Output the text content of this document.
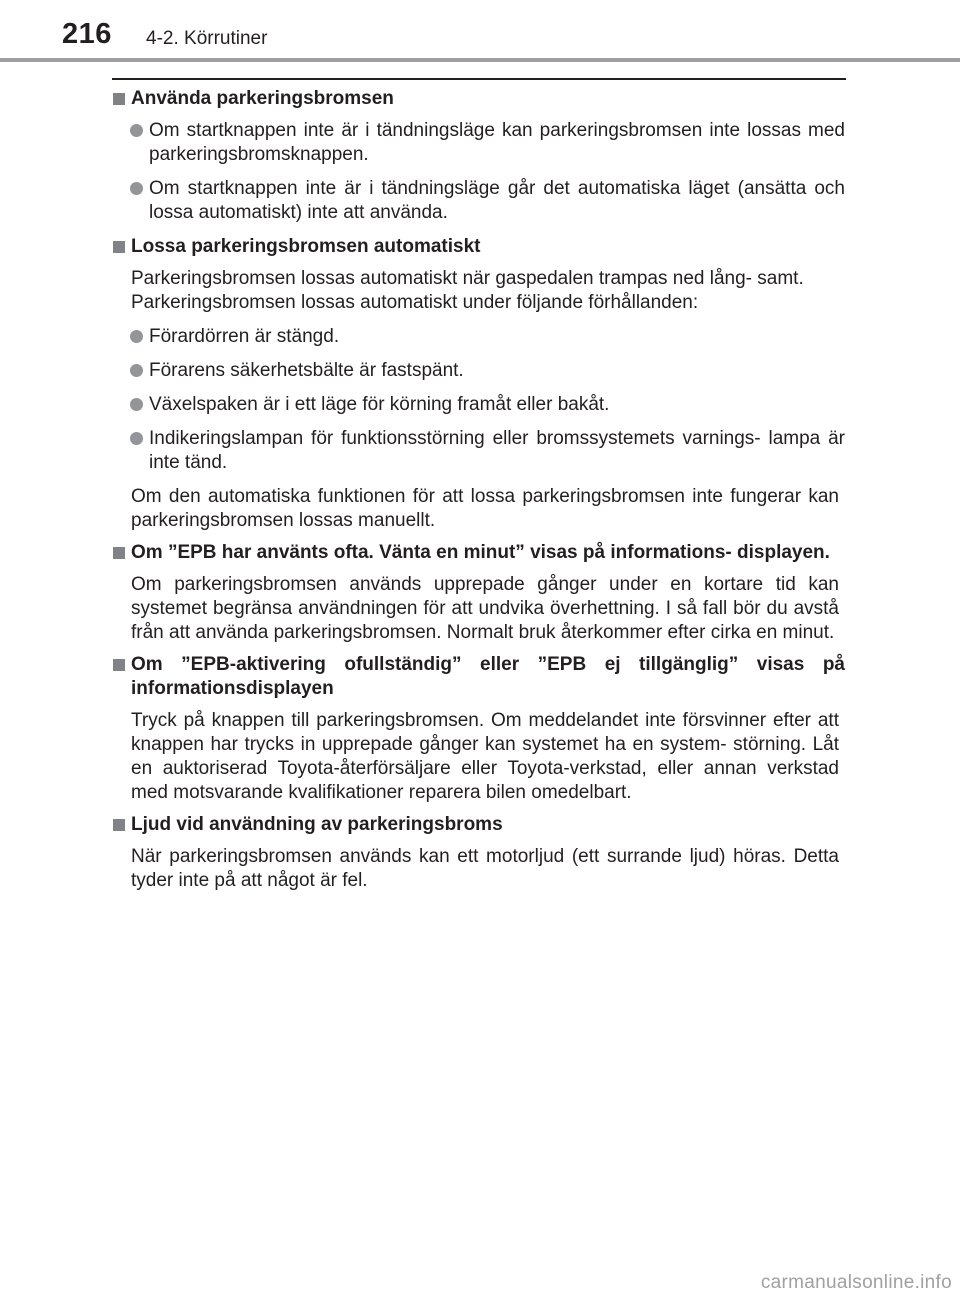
216 4-2. Körrutiner
Använda parkeringsbromsen
Om startknappen inte är i tändningsläge kan parkeringsbromsen inte lossas med parkeringsbromsknappen.
Om startknappen inte är i tändningsläge går det automatiska läget (ansätta och lossa automatiskt) inte att använda.
Lossa parkeringsbromsen automatiskt
Parkeringsbromsen lossas automatiskt när gaspedalen trampas ned lång- samt.
Parkeringsbromsen lossas automatiskt under följande förhållanden:
Förardörren är stängd.
Förarens säkerhetsbälte är fastspänt.
Växelspaken är i ett läge för körning framåt eller bakåt.
Indikeringslampan för funktionsstörning eller bromssystemets varnings- lampa är inte tänd.
Om den automatiska funktionen för att lossa parkeringsbromsen inte fungerar kan parkeringsbromsen lossas manuellt.
Om ”EPB har använts ofta. Vänta en minut” visas på informations- displayen.
Om parkeringsbromsen används upprepade gånger under en kortare tid kan systemet begränsa användningen för att undvika överhettning. I så fall bör du avstå från att använda parkeringsbromsen. Normalt bruk återkommer efter cirka en minut.
Om ”EPB-aktivering ofullständig” eller ”EPB ej tillgänglig” visas på informationsdisplayen
Tryck på knappen till parkeringsbromsen. Om meddelandet inte försvinner efter att knappen har trycks in upprepade gånger kan systemet ha en system- störning. Låt en auktoriserad Toyota-återförsäljare eller Toyota-verkstad, eller annan verkstad med motsvarande kvalifikationer reparera bilen omedelbart.
Ljud vid användning av parkeringsbroms
När parkeringsbromsen används kan ett motorljud (ett surrande ljud) höras. Detta tyder inte på att något är fel.
carmanualsonline.info
